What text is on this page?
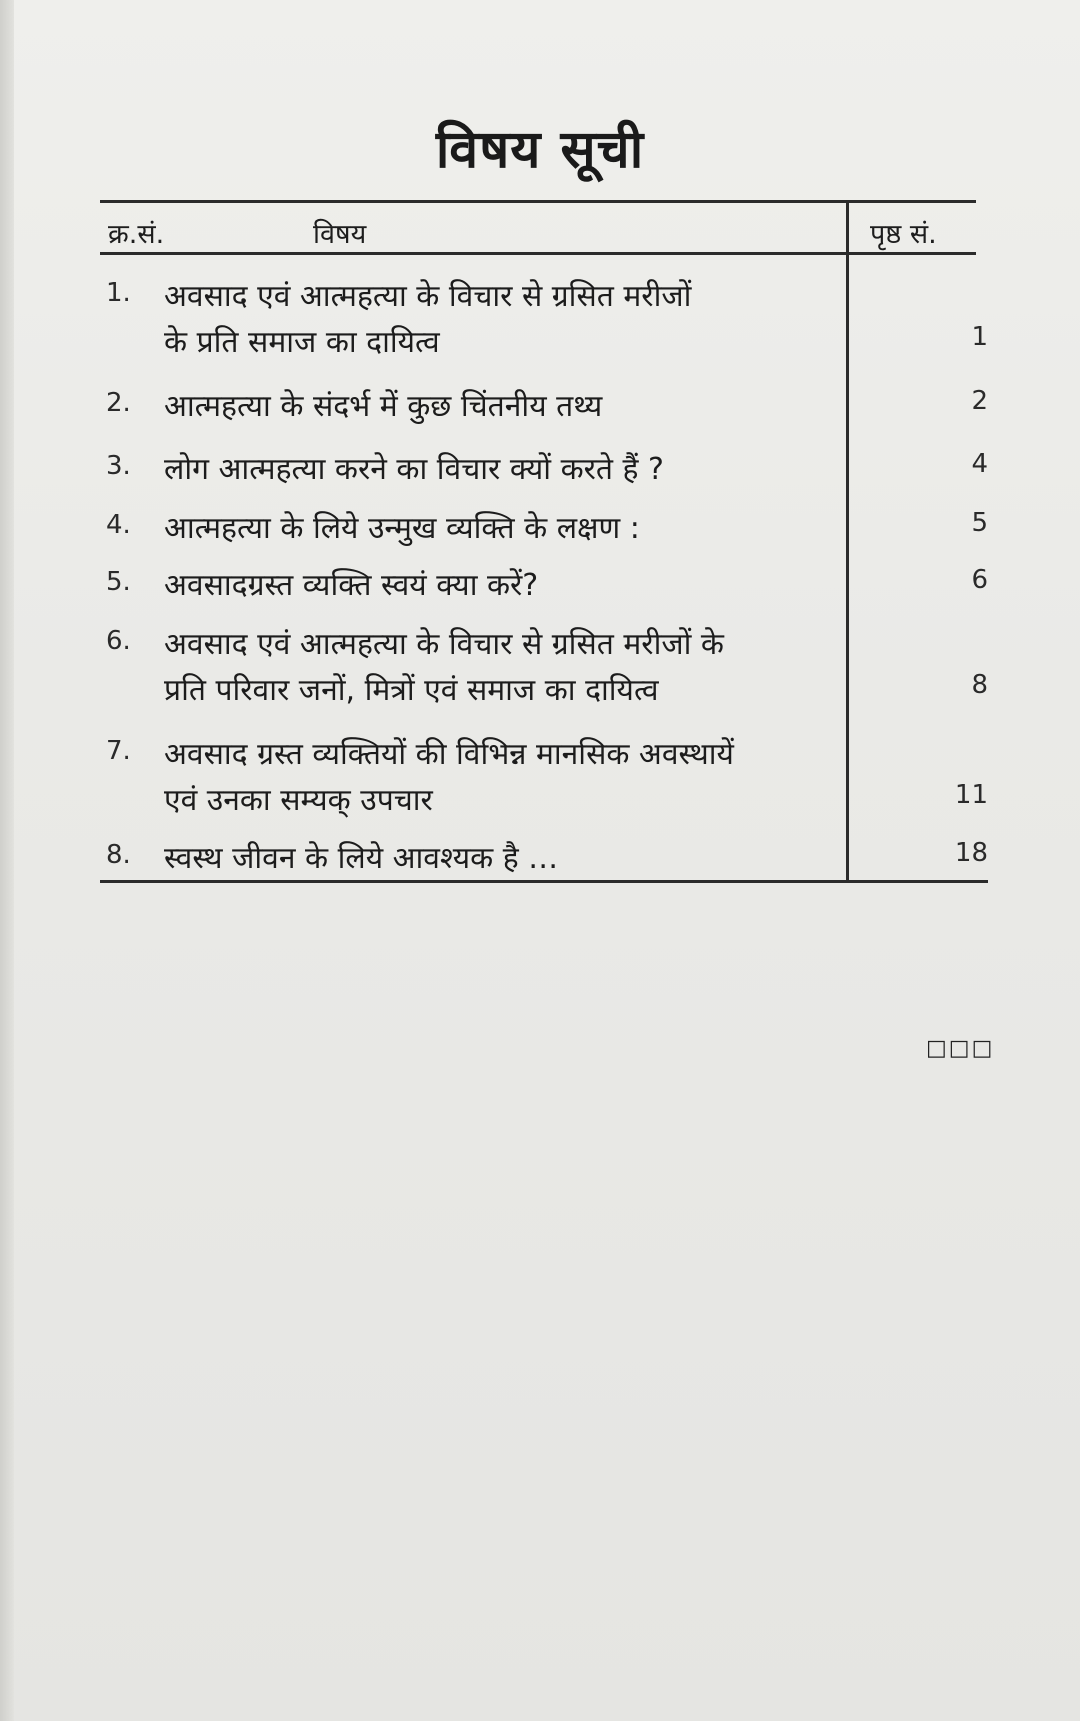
विषय सूची
क्र.सं.	विषय	पृष्ठ सं.
1. अवसाद एवं आत्महत्या के विचार से ग्रसित मरीजों
के प्रति समाज का दायित्व	1
2. आत्महत्या के संदर्भ में कुछ चिंतनीय तथ्य	2
3. लोग आत्महत्या करने का विचार क्यों करते हैं ?	4
4. आत्महत्या के लिये उन्मुख व्यक्ति के लक्षण :	5
5. अवसादग्रस्त व्यक्ति स्वयं क्या करें?	6
6. अवसाद एवं आत्महत्या के विचार से ग्रसित मरीजों के
प्रति परिवार जनों, मित्रों एवं समाज का दायित्व	8
7. अवसाद ग्रस्त व्यक्तियों की विभिन्न मानसिक अवस्थायें
एवं उनका सम्यक् उपचार	11
8. स्वस्थ जीवन के लिये आवश्यक है …	18
□□□
